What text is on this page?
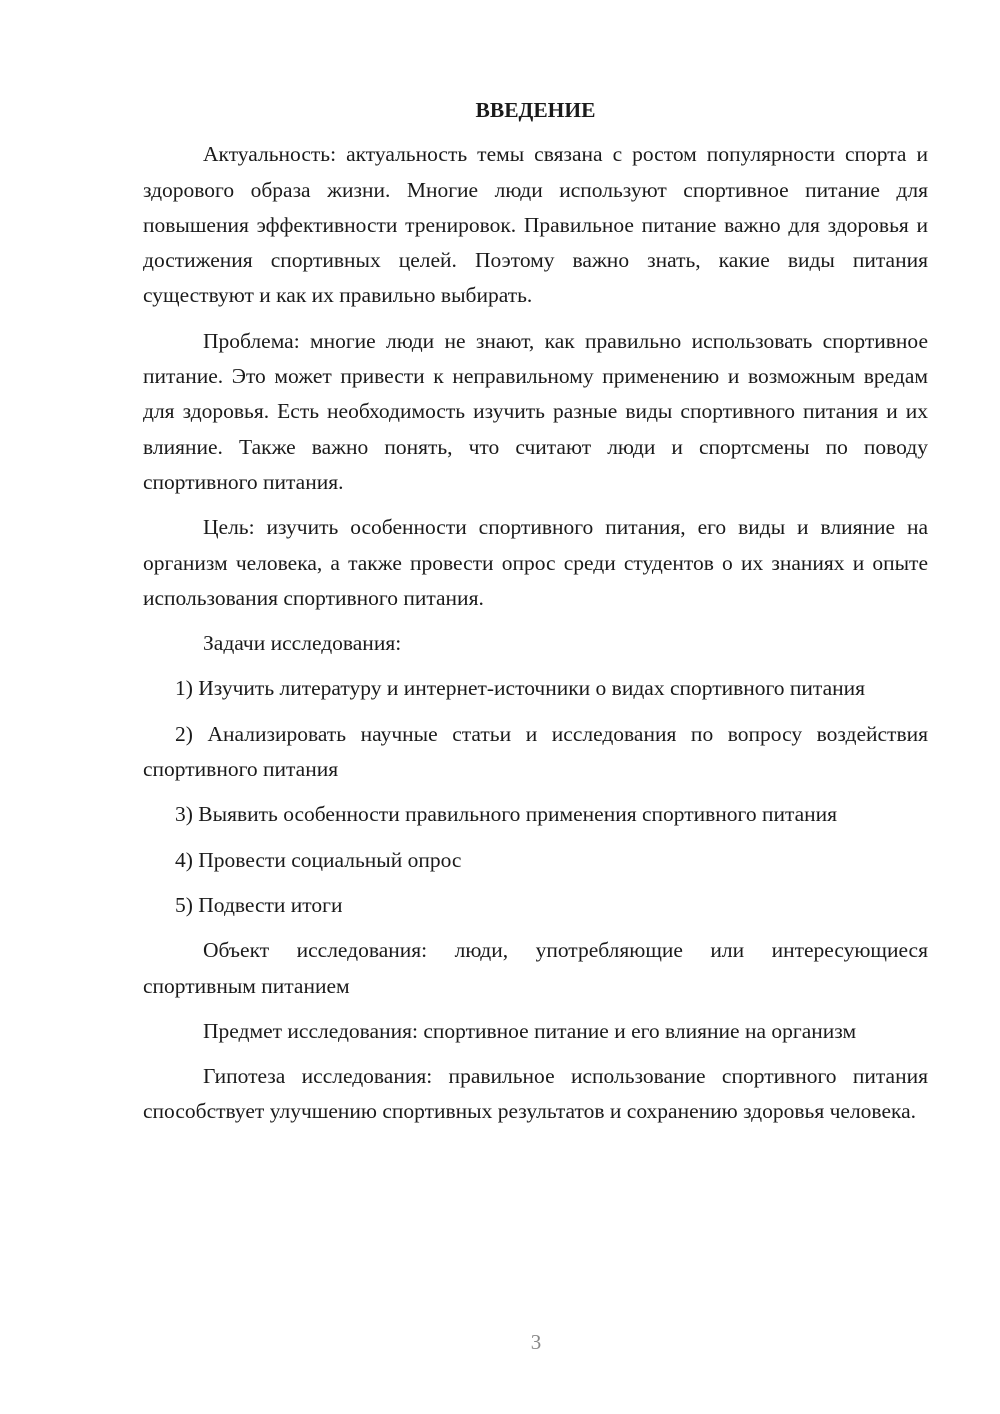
ВВЕДЕНИЕ

Актуальность: актуальность темы связана с ростом популярности спорта и здорового образа жизни. Многие люди используют спортивное питание для повышения эффективности тренировок. Правильное питание важно для здоровья и достижения спортивных целей. Поэтому важно знать, какие виды питания существуют и как их правильно выбирать.

Проблема: многие люди не знают, как правильно использовать спортивное питание. Это может привести к неправильному применению и возможным вредам для здоровья. Есть необходимость изучить разные виды спортивного питания и их влияние. Также важно понять, что считают люди и спортсмены по поводу спортивного питания.

Цель: изучить особенности спортивного питания, его виды и влияние на организм человека, а также провести опрос среди студентов о их знаниях и опыте использования спортивного питания.

Задачи исследования:

1) Изучить литературу и интернет-источники о видах спортивного питания

2) Анализировать научные статьи и исследования по вопросу воздействия спортивного питания

3) Выявить особенности правильного применения спортивного питания

4) Провести социальный опрос

5) Подвести итоги

Объект исследования: люди, употребляющие или интересующиеся спортивным питанием

Предмет исследования: спортивное питание и его влияние на организм

Гипотеза исследования: правильное использование спортивного питания способствует улучшению спортивных результатов и сохранению здоровья человека.

3
